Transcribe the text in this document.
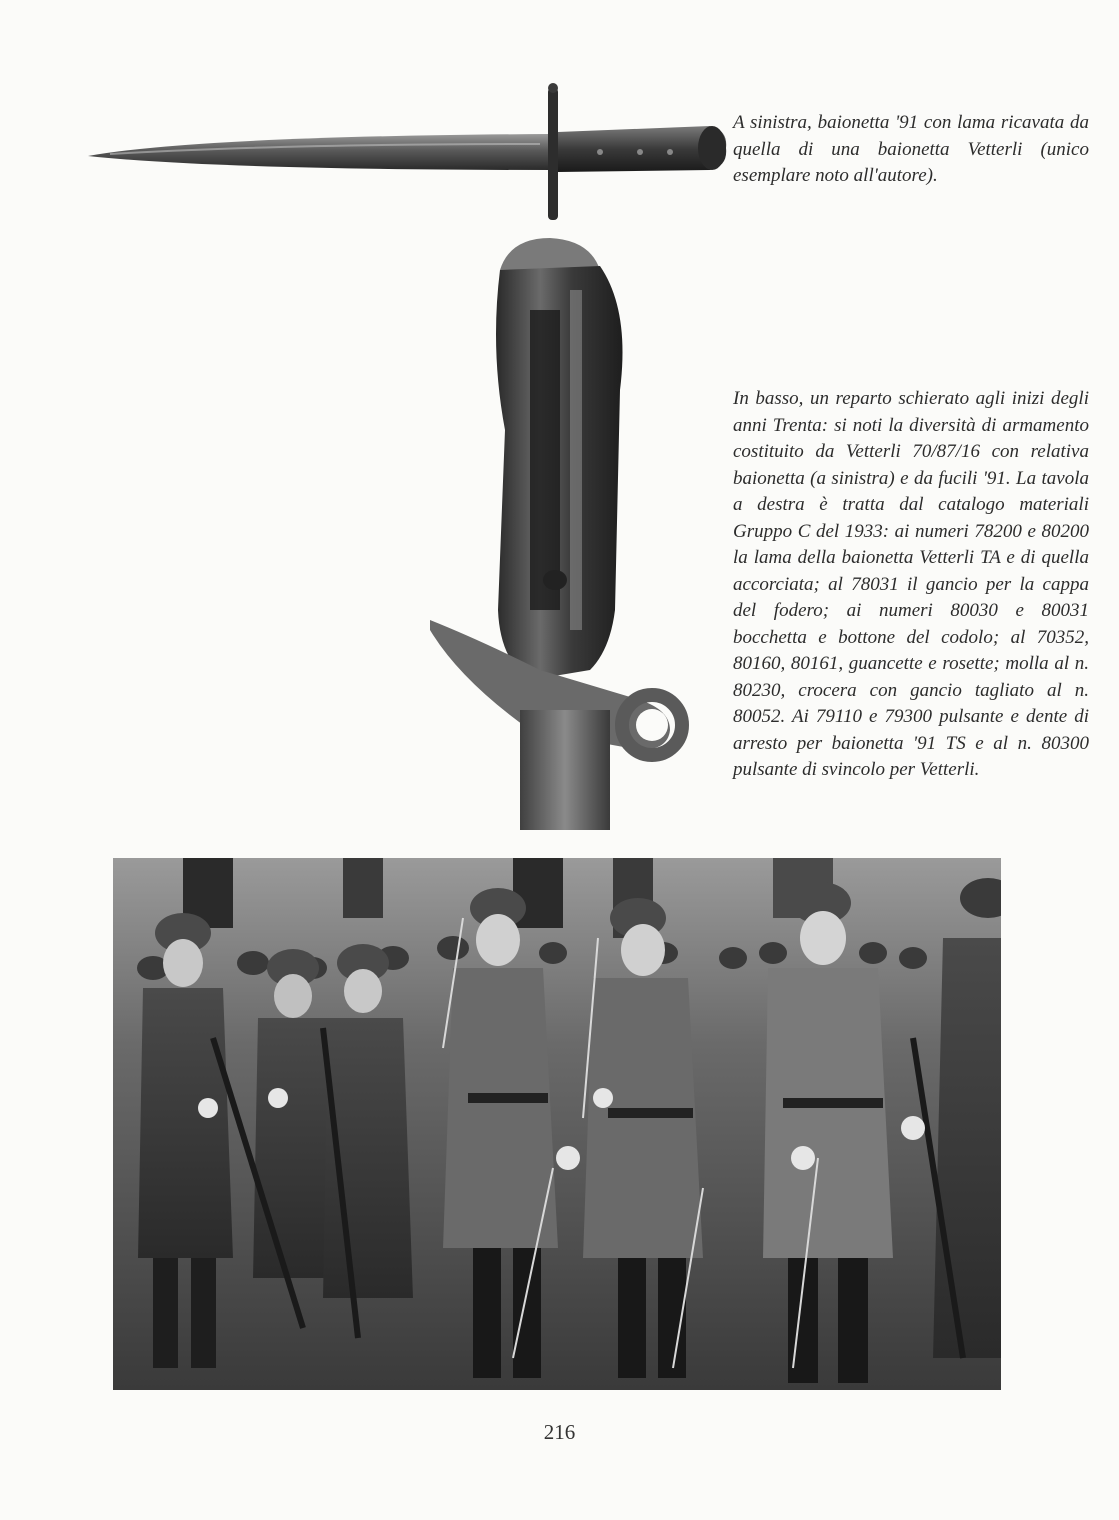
A sinistra, baionetta '91 con lama ricavata da quella di una baionetta Vetterli (unico esemplare noto all'autore).

In basso, un reparto schierato agli inizi degli anni Trenta: si noti la diversità di armamento costituito da Vetterli 70/87/16 con relativa baionetta (a sinistra) e da fucili '91. La tavola a destra è tratta dal catalogo materiali Gruppo C del 1933: ai numeri 78200 e 80200 la lama della baionetta Vetterli TA e di quella accorciata; al 78031 il gancio per la cappa del fodero; ai numeri 80030 e 80031 bocchetta e bottone del codolo; al 70352, 80160, 80161, guancette e rosette; molla al n. 80230, crocera con gancio tagliato al n. 80052. Ai 79110 e 79300 pulsante e dente di arresto per baionetta '91 TS e al n. 80300 pulsante di svincolo per Vetterli.

216
